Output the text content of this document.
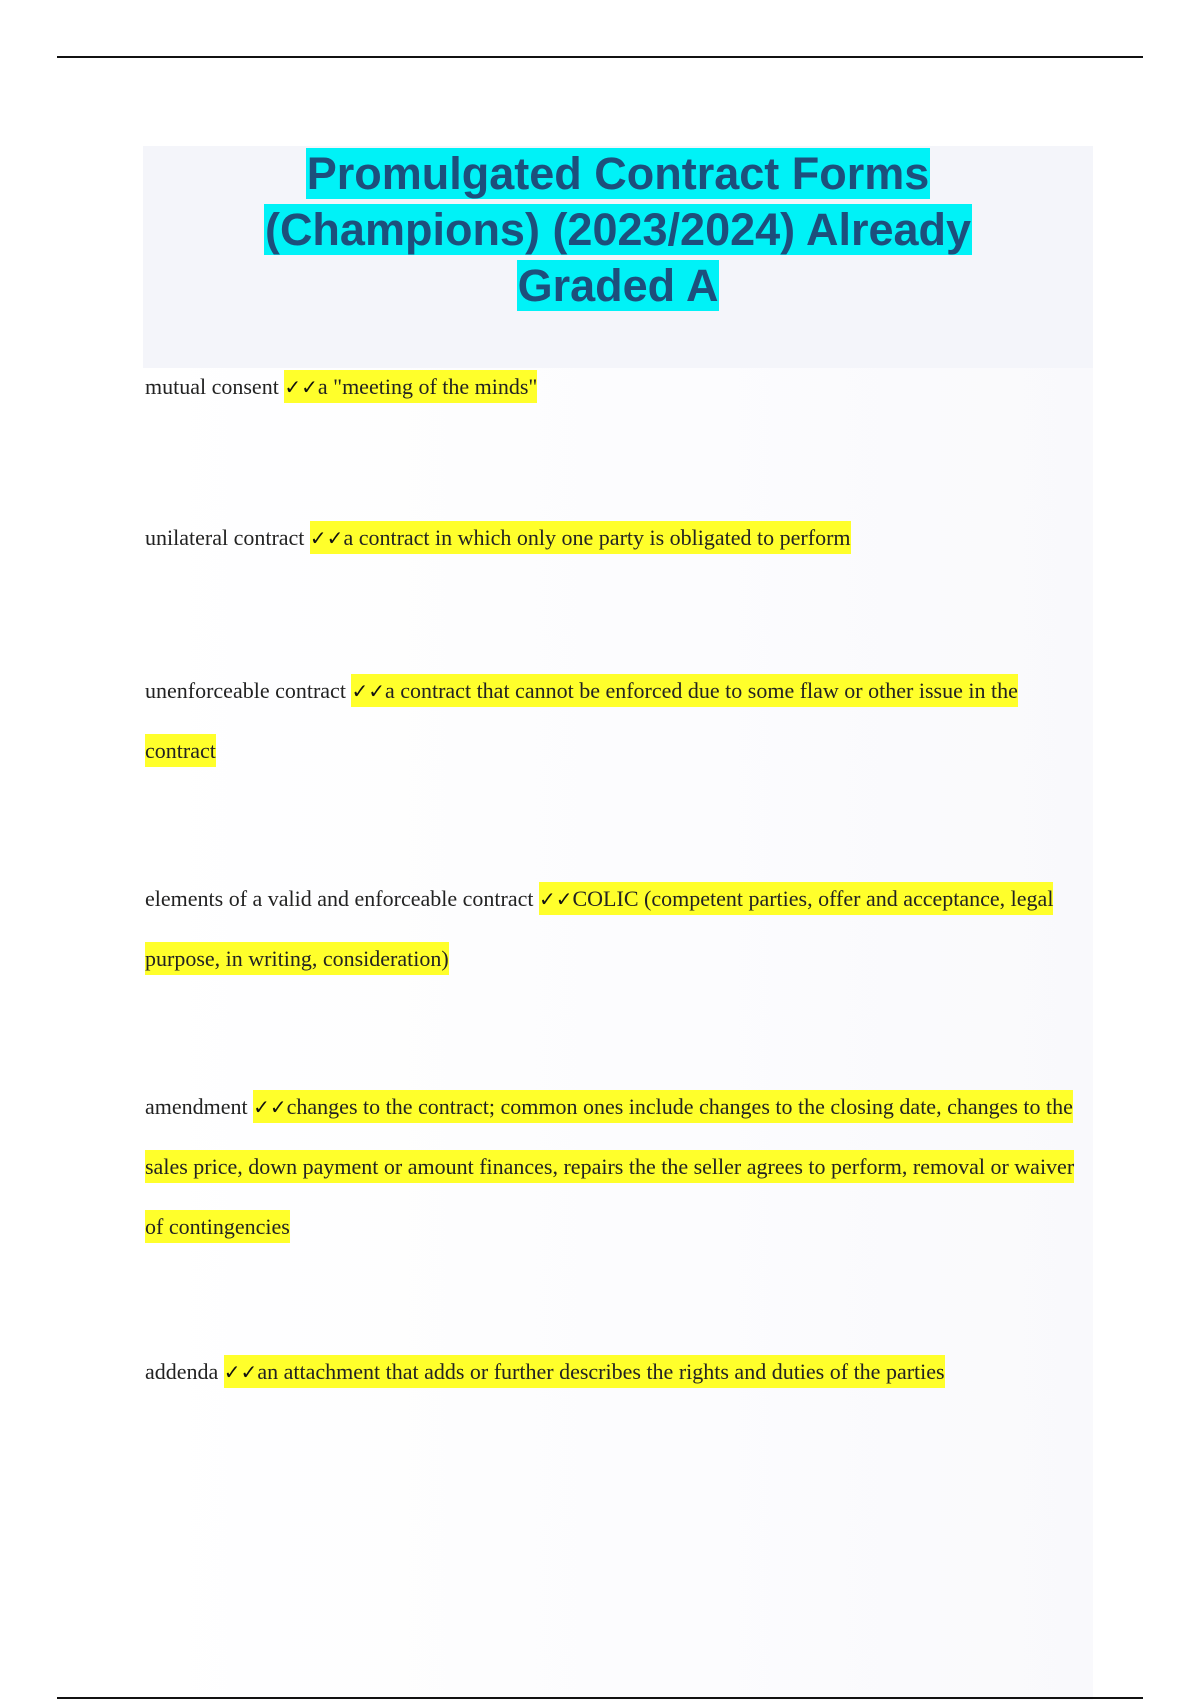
Promulgated Contract Forms
(Champions) (2023/2024) Already
Graded A

mutual consent ✓✓a "meeting of the minds"

unilateral contract ✓✓a contract in which only one party is obligated to perform

unenforceable contract ✓✓a contract that cannot be enforced due to some flaw or other issue in the contract

elements of a valid and enforceable contract ✓✓COLIC (competent parties, offer and acceptance, legal purpose, in writing, consideration)

amendment ✓✓changes to the contract; common ones include changes to the closing date, changes to the sales price, down payment or amount finances, repairs the the seller agrees to perform, removal or waiver of contingencies

addenda ✓✓an attachment that adds or further describes the rights and duties of the parties
